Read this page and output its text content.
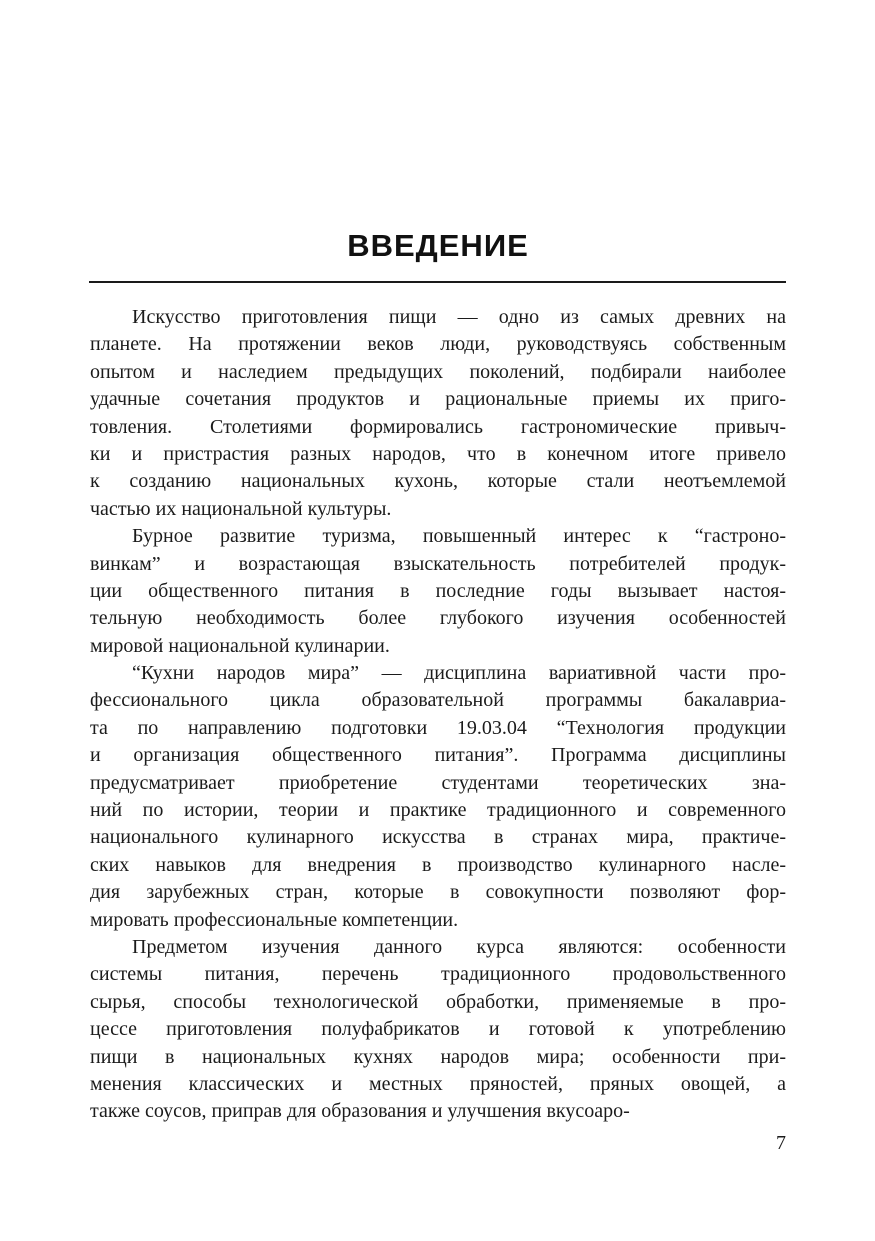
ВВЕДЕНИЕ
Искусство приготовления пищи — одно из самых древних на
планете. На протяжении веков люди, руководствуясь собственным
опытом и наследием предыдущих поколений, подбирали наиболее
удачные сочетания продуктов и рациональные приемы их приго-
товления. Столетиями формировались гастрономические привыч-
ки и пристрастия разных народов, что в конечном итоге привело
к созданию национальных кухонь, которые стали неотъемлемой
частью их национальной культуры.
Бурное развитие туризма, повышенный интерес к “гастроно-
винкам” и возрастающая взыскательность потребителей продук-
ции общественного питания в последние годы вызывает настоя-
тельную необходимость более глубокого изучения особенностей
мировой национальной кулинарии.
“Кухни народов мира” — дисциплина вариативной части про-
фессионального цикла образовательной программы бакалавриа-
та по направлению подготовки 19.03.04 “Технология продукции
и организация общественного питания”. Программа дисциплины
предусматривает приобретение студентами теоретических зна-
ний по истории, теории и практике традиционного и современного
национального кулинарного искусства в странах мира, практиче-
ских навыков для внедрения в производство кулинарного насле-
дия зарубежных стран, которые в совокупности позволяют фор-
мировать профессиональные компетенции.
Предметом изучения данного курса являются: особенности
системы питания, перечень традиционного продовольственного
сырья, способы технологической обработки, применяемые в про-
цессе приготовления полуфабрикатов и готовой к употреблению
пищи в национальных кухнях народов мира; особенности при-
менения классических и местных пряностей, пряных овощей, а
также соусов, приправ для образования и улучшения вкусоаро-
7
